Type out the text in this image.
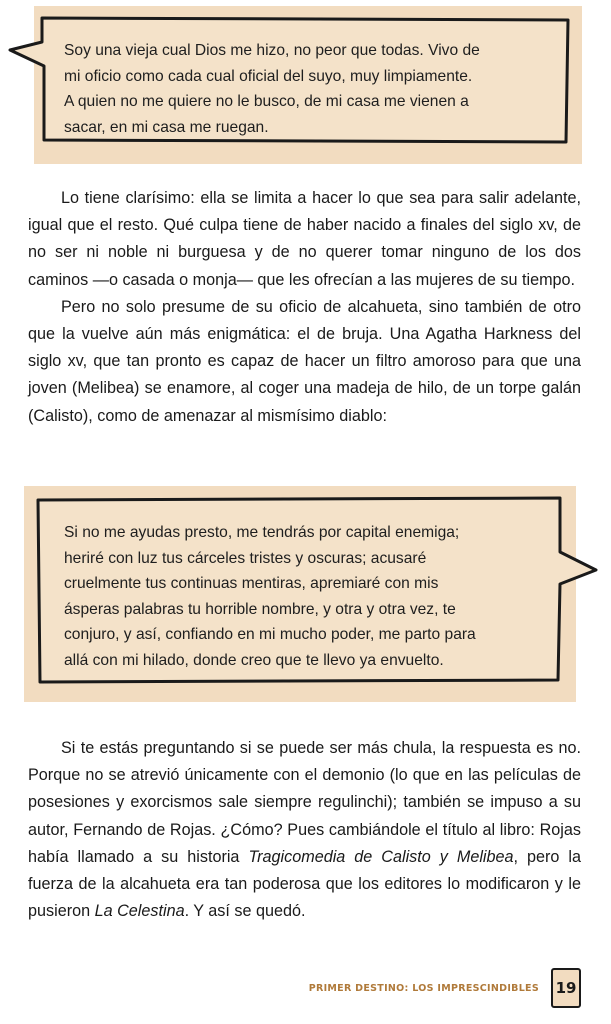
Soy una vieja cual Dios me hizo, no peor que todas. Vivo de
mi oficio como cada cual oficial del suyo, muy limpiamente.
A quien no me quiere no le busco, de mi casa me vienen a
sacar, en mi casa me ruegan.

Lo tiene clarísimo: ella se limita a hacer lo que sea para salir adelante, igual que el resto. Qué culpa tiene de haber nacido a finales del siglo xv, de no ser ni noble ni burguesa y de no querer tomar ninguno de los dos caminos —o casada o monja— que les ofrecían a las mujeres de su tiempo.

Pero no solo presume de su oficio de alcahueta, sino también de otro que la vuelve aún más enigmática: el de bruja. Una Agatha Harkness del siglo xv, que tan pronto es capaz de hacer un filtro amoroso para que una joven (Melibea) se enamore, al coger una madeja de hilo, de un torpe galán (Calisto), como de amenazar al mismísimo diablo:

Si no me ayudas presto, me tendrás por capital enemiga;
heriré con luz tus cárceles tristes y oscuras; acusaré
cruelmente tus continuas mentiras, apremiaré con mis
ásperas palabras tu horrible nombre, y otra y otra vez, te
conjuro, y así, confiando en mi mucho poder, me parto para
allá con mi hilado, donde creo que te llevo ya envuelto.

Si te estás preguntando si se puede ser más chula, la respuesta es no. Porque no se atrevió únicamente con el demonio (lo que en las películas de posesiones y exorcismos sale siempre regulinchi); también se impuso a su autor, Fernando de Rojas. ¿Cómo? Pues cambiándole el título al libro: Rojas había llamado a su historia Tragicomedia de Calisto y Melibea, pero la fuerza de la alcahueta era tan poderosa que los editores lo modificaron y le pusieron La Celestina. Y así se quedó.

PRIMER DESTINO: LOS IMPRESCINDIBLES 19
